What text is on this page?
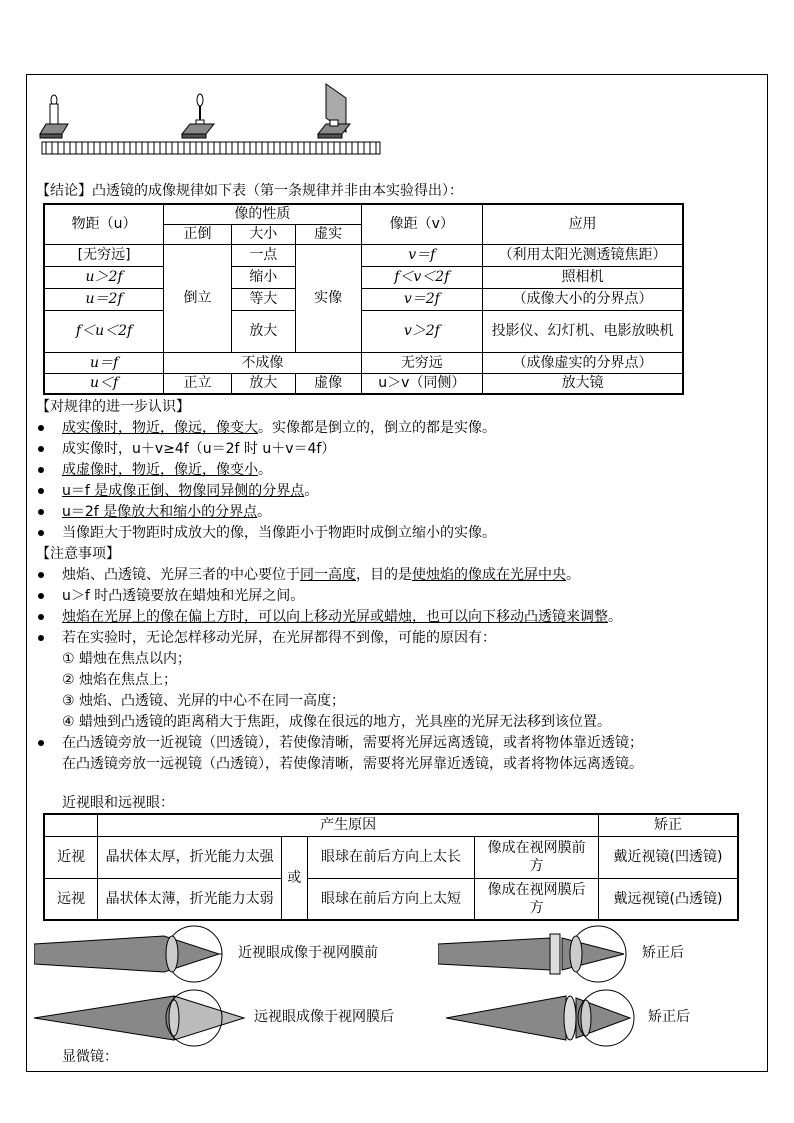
【结论】凸透镜的成像规律如下表（第一条规律并非由本实验得出）：
物距（u）	像的性质			像距（v）	应用
	正倒	大小	虚实		
[无穷远]	倒立	一点	实像	v＝f	（利用太阳光测透镜焦距）
u＞2f		缩小		f＜v＜2f	照相机
u＝2f		等大		v＝2f	（成像大小的分界点）
f＜u＜2f		放大		v＞2f	投影仪、幻灯机、电影放映机
u＝f	不成像			无穷远	（成像虚实的分界点）
u＜f	正立	放大	虚像	u＞v（同侧）	放大镜
【对规律的进一步认识】
成实像时，物近，像远，像变大。实像都是倒立的，倒立的都是实像。
成实像时，u＋v≥4f（u＝2f 时 u＋v＝4f）
成虚像时，物近，像近，像变小。
u＝f 是成像正倒、物像同异侧的分界点。
u＝2f 是像放大和缩小的分界点。
当像距大于物距时成放大的像，当像距小于物距时成倒立缩小的实像。
【注意事项】
烛焰、凸透镜、光屏三者的中心要位于同一高度，目的是使烛焰的像成在光屏中央。
u＞f 时凸透镜要放在蜡烛和光屏之间。
烛焰在光屏上的像在偏上方时，可以向上移动光屏或蜡烛，也可以向下移动凸透镜来调整。
若在实验时，无论怎样移动光屏，在光屏都得不到像，可能的原因有：
① 蜡烛在焦点以内；
② 烛焰在焦点上；
③ 烛焰、凸透镜、光屏的中心不在同一高度；
④ 蜡烛到凸透镜的距离稍大于焦距，成像在很远的地方，光具座的光屏无法移到该位置。
在凸透镜旁放一近视镜（凹透镜），若使像清晰，需要将光屏远离透镜，或者将物体靠近透镜；
在凸透镜旁放一远视镜（凸透镜），若使像清晰，需要将光屏靠近透镜，或者将物体远离透镜。
近视眼和远视眼：
	产生原因				矫正
近视	晶状体太厚，折光能力太强	或	眼球在前后方向上太长	像成在视网膜前方	戴近视镜(凹透镜)
远视	晶状体太薄，折光能力太弱		眼球在前后方向上太短	像成在视网膜后方	戴远视镜(凸透镜)
近视眼成像于视网膜前	矫正后
远视眼成像于视网膜后	矫正后
显微镜：
